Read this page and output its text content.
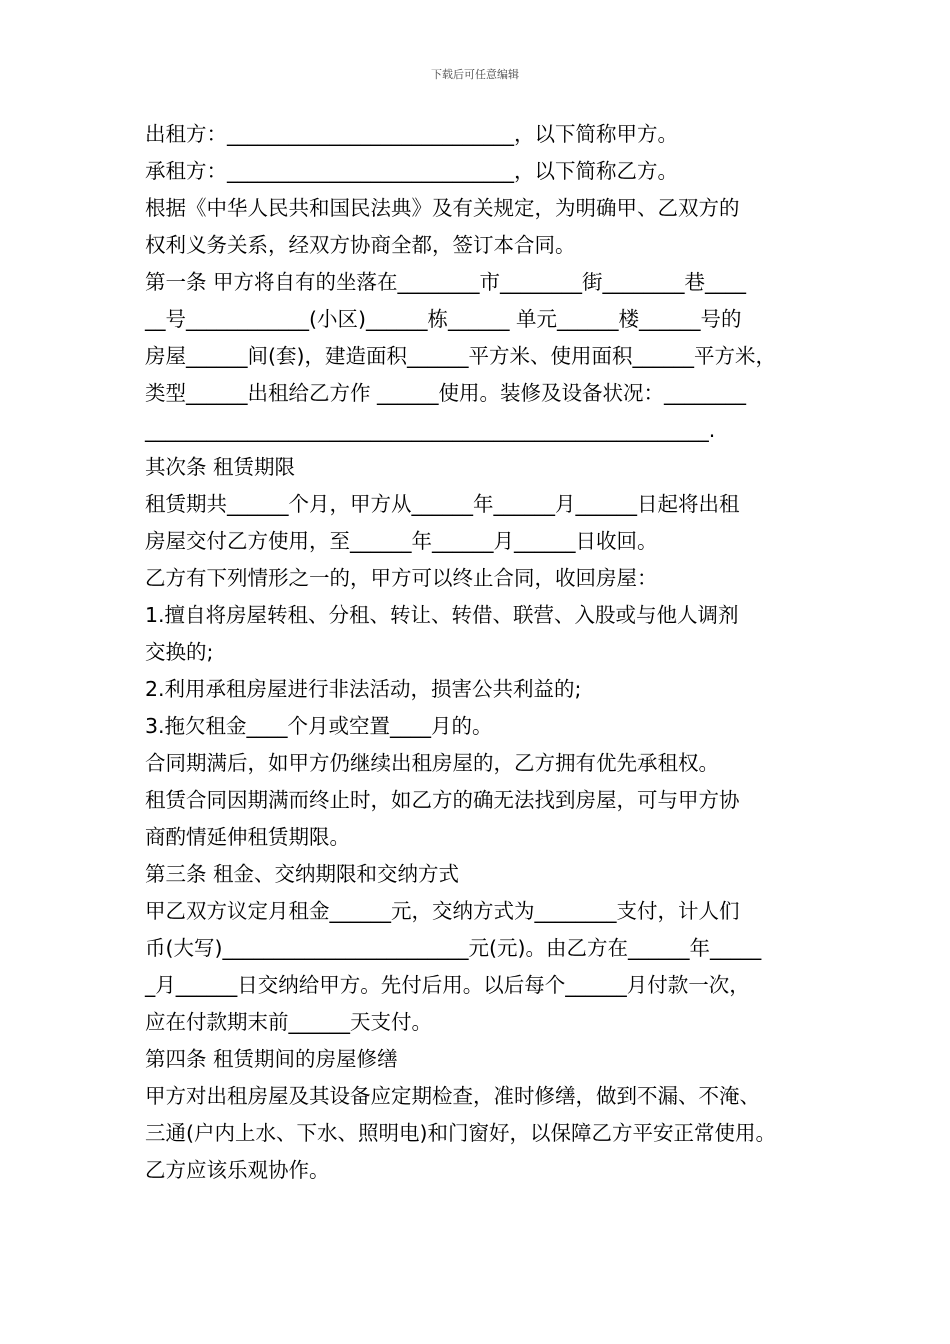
下载后可任意编辑

出租方：____________________________，以下简称甲方。

承租方：____________________________，以下简称乙方。

根据《中华人民共和国民法典》及有关规定，为明确甲、乙双方的

权利义务关系，经双方协商全都，签订本合同。

第一条 甲方将自有的坐落在________市________街________巷____

__号____________(小区)______栋______ 单元______楼______号的

房屋______间(套)，建造面积______平方米、使用面积______平方米，

类型______出租给乙方作 ______使用。装修及设备状况：________

_______________________________________________________.

其次条 租赁期限

租赁期共______个月，甲方从______年______月______日起将出租

房屋交付乙方使用，至______年______月______日收回。

乙方有下列情形之一的，甲方可以终止合同，收回房屋：

1.擅自将房屋转租、分租、转让、转借、联营、入股或与他人调剂

交换的;

2.利用承租房屋进行非法活动，损害公共利益的;

3.拖欠租金____个月或空置____月的。

合同期满后，如甲方仍继续出租房屋的，乙方拥有优先承租权。

租赁合同因期满而终止时，如乙方的确无法找到房屋，可与甲方协

商酌情延伸租赁期限。

第三条 租金、交纳期限和交纳方式

甲乙双方议定月租金______元，交纳方式为________支付，计人们

币(大写)________________________元(元)。由乙方在______年_____

_月______日交纳给甲方。先付后用。以后每个______月付款一次，

应在付款期末前______天支付。

第四条 租赁期间的房屋修缮

甲方对出租房屋及其设备应定期检查，准时修缮，做到不漏、不淹、

三通(户内上水、下水、照明电)和门窗好，以保障乙方平安正常使用。

乙方应该乐观协作。
